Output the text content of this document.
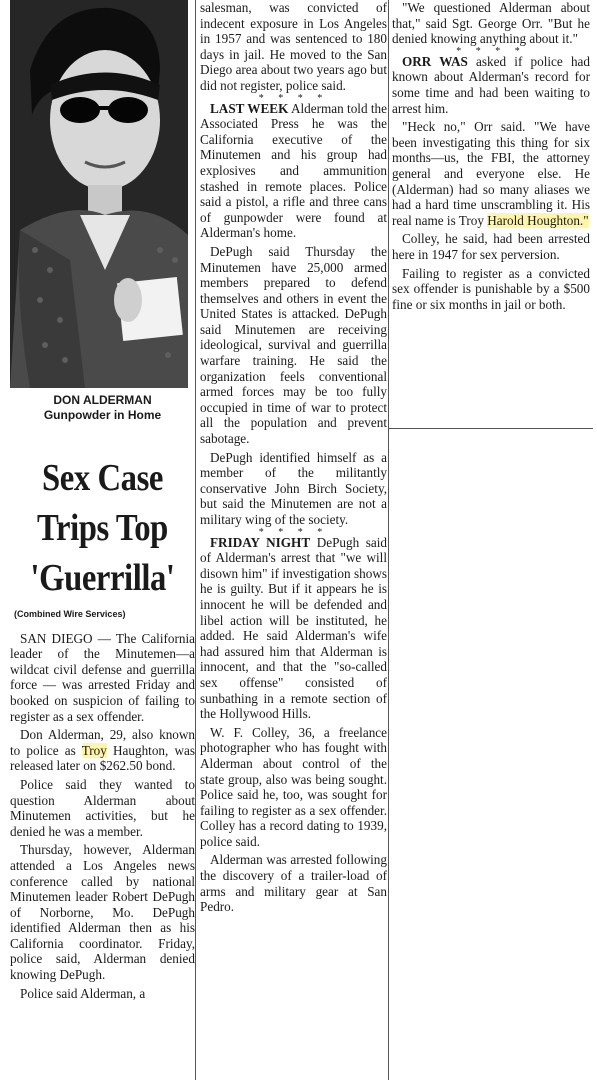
DON ALDERMAN
Gunpowder in Home
Sex Case
Trips Top
'Guerrilla'
(Combined Wire Services)

SAN DIEGO — The California leader of the Minutemen—a wildcat civil defense and guerrilla force — was arrested Friday and booked on suspicion of failing to register as a sex offender.

Don Alderman, 29, also known to police as Troy Haughton, was released later on $262.50 bond.

Police said they wanted to question Alderman about Minutemen activities, but he denied he was a member.

Thursday, however, Alderman attended a Los Angeles news conference called by national Minutemen leader Robert DePugh of Norborne, Mo. DePugh identified Alderman then as his California coordinator. Friday, police said, Alderman denied knowing DePugh.

Police said Alderman, a

salesman, was convicted of indecent exposure in Los Angeles in 1957 and was sentenced to 180 days in jail. He moved to the San Diego area about two years ago but did not register, police said.

* * * *

LAST WEEK Alderman told the Associated Press he was the California executive of the Minutemen and his group had explosives and ammunition stashed in remote places. Police said a pistol, a rifle and three cans of gunpowder were found at Alderman's home.

DePugh said Thursday the Minutemen have 25,000 armed members prepared to defend themselves and others in event the United States is attacked. DePugh said Minutemen are receiving ideological, survival and guerrilla warfare training. He said the organization feels conventional armed forces may be too fully occupied in time of war to protect all the population and prevent sabotage.

DePugh identified himself as a member of the militantly conservative John Birch Society, but said the Minutemen are not a military wing of the society.

* * * *

FRIDAY NIGHT DePugh said of Alderman's arrest that "we will disown him" if investigation shows he is guilty. But if it appears he is innocent he will be defended and libel action will be instituted, he added. He said Alderman's wife had assured him that Alderman is innocent, and that the "so-called sex offense" consisted of sunbathing in a remote section of the Hollywood Hills.

W. F. Colley, 36, a freelance photographer who has fought with Alderman about control of the state group, also was being sought. Police said he, too, was sought for failing to register as a sex offender. Colley has a record dating to 1939, police said.

Alderman was arrested following the discovery of a trailer-load of arms and military gear at San Pedro.

"We questioned Alderman about that," said Sgt. George Orr. "But he denied knowing anything about it."

* * * *

ORR WAS asked if police had known about Alderman's record for some time and had been waiting to arrest him.

"Heck no," Orr said. "We have been investigating this thing for six months—us, the FBI, the attorney general and everyone else. He (Alderman) had so many aliases we had a hard time unscrambling it. His real name is Troy Harold Houghton."

Colley, he said, had been arrested here in 1947 for sex perversion.

Failing to register as a convicted sex offender is punishable by a $500 fine or six months in jail or both.
